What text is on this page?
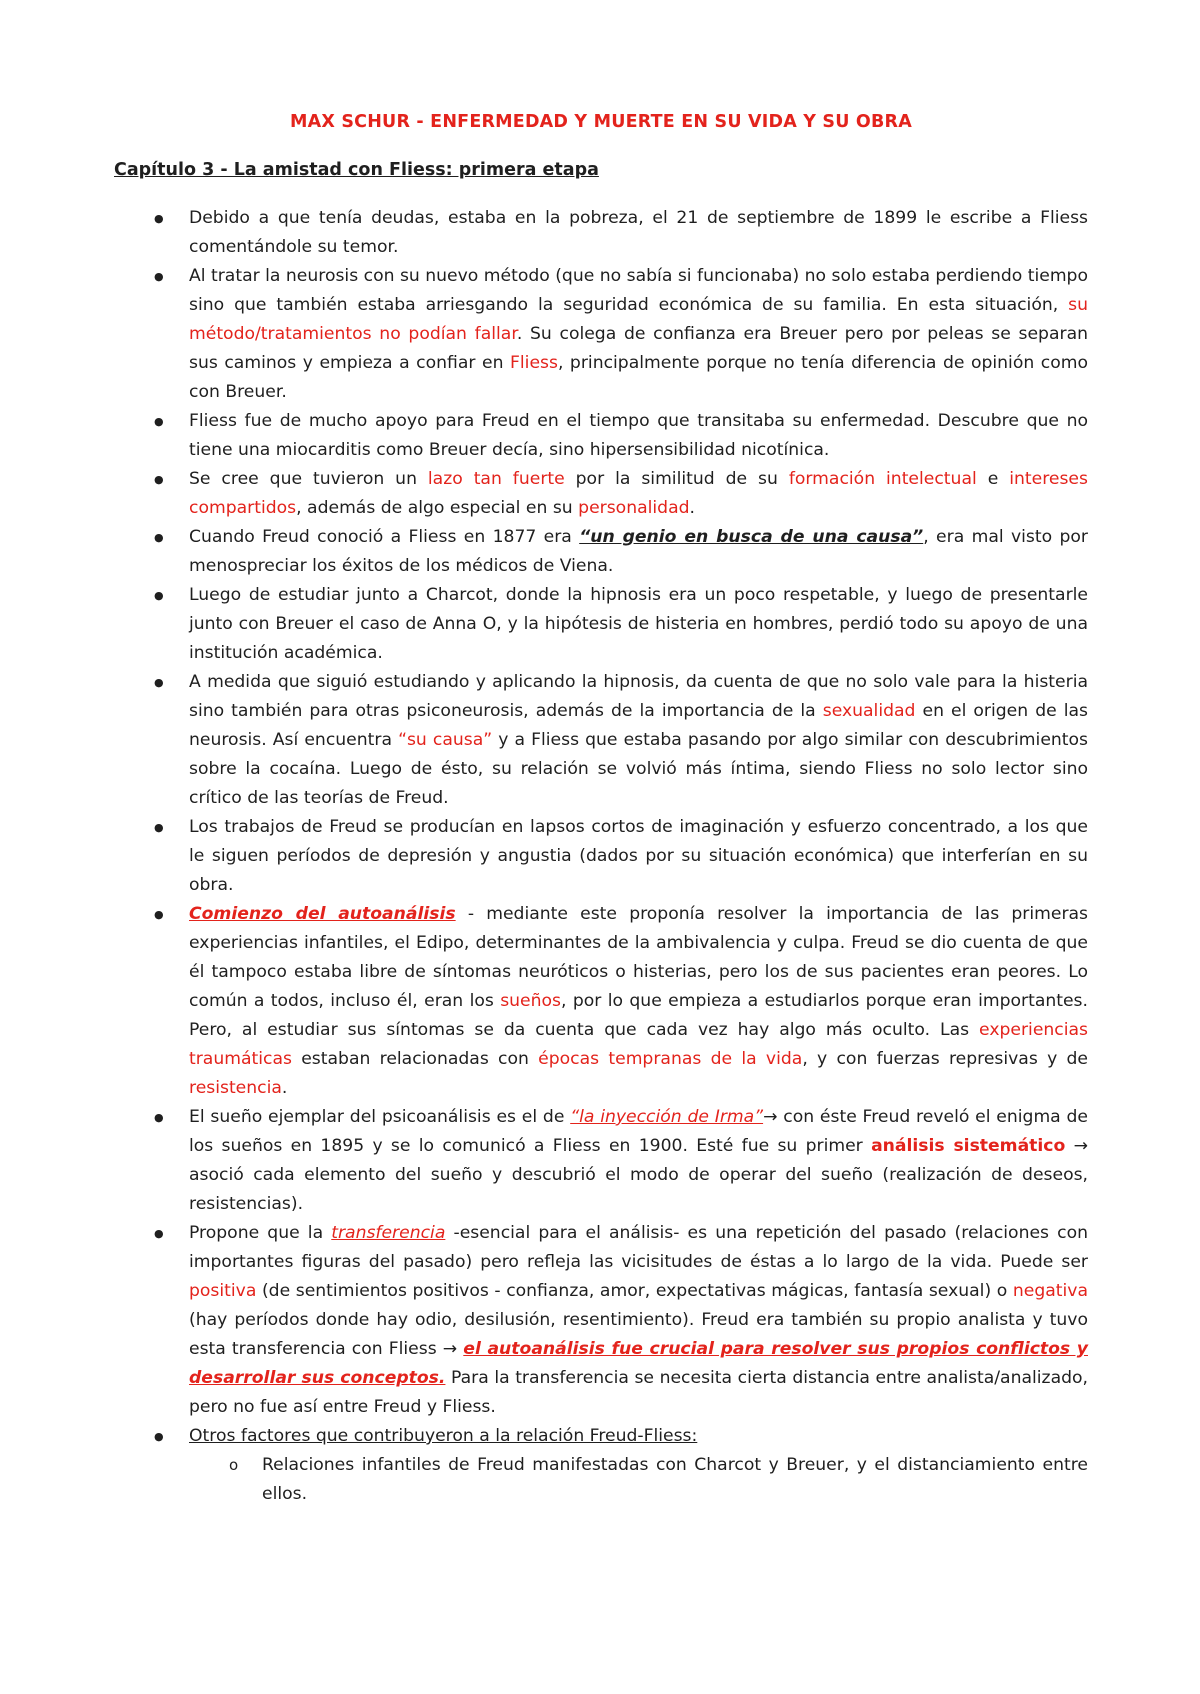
MAX SCHUR - ENFERMEDAD Y MUERTE EN SU VIDA Y SU OBRA
Capítulo 3 - La amistad con Fliess: primera etapa
● Debido a que tenía deudas, estaba en la pobreza, el 21 de septiembre de 1899 le escribe a Fliess comentándole su temor.
● Al tratar la neurosis con su nuevo método (que no sabía si funcionaba) no solo estaba perdiendo tiempo sino que también estaba arriesgando la seguridad económica de su familia. En esta situación, su método/tratamientos no podían fallar. Su colega de confianza era Breuer pero por peleas se separan sus caminos y empieza a confiar en Fliess, principalmente porque no tenía diferencia de opinión como con Breuer.
● Fliess fue de mucho apoyo para Freud en el tiempo que transitaba su enfermedad. Descubre que no tiene una miocarditis como Breuer decía, sino hipersensibilidad nicotínica.
● Se cree que tuvieron un lazo tan fuerte por la similitud de su formación intelectual e intereses compartidos, además de algo especial en su personalidad.
● Cuando Freud conoció a Fliess en 1877 era “un genio en busca de una causa”, era mal visto por menospreciar los éxitos de los médicos de Viena.
● Luego de estudiar junto a Charcot, donde la hipnosis era un poco respetable, y luego de presentarle junto con Breuer el caso de Anna O, y la hipótesis de histeria en hombres, perdió todo su apoyo de una institución académica.
● A medida que siguió estudiando y aplicando la hipnosis, da cuenta de que no solo vale para la histeria sino también para otras psiconeurosis, además de la importancia de la sexualidad en el origen de las neurosis. Así encuentra “su causa” y a Fliess que estaba pasando por algo similar con descubrimientos sobre la cocaína. Luego de ésto, su relación se volvió más íntima, siendo Fliess no solo lector sino crítico de las teorías de Freud.
● Los trabajos de Freud se producían en lapsos cortos de imaginación y esfuerzo concentrado, a los que le siguen períodos de depresión y angustia (dados por su situación económica) que interferían en su obra.
● Comienzo del autoanálisis - mediante este proponía resolver la importancia de las primeras experiencias infantiles, el Edipo, determinantes de la ambivalencia y culpa. Freud se dio cuenta de que él tampoco estaba libre de síntomas neuróticos o histerias, pero los de sus pacientes eran peores. Lo común a todos, incluso él, eran los sueños, por lo que empieza a estudiarlos porque eran importantes. Pero, al estudiar sus síntomas se da cuenta que cada vez hay algo más oculto. Las experiencias traumáticas estaban relacionadas con épocas tempranas de la vida, y con fuerzas represivas y de resistencia.
● El sueño ejemplar del psicoanálisis es el de “la inyección de Irma”→ con éste Freud reveló el enigma de los sueños en 1895 y se lo comunicó a Fliess en 1900. Esté fue su primer análisis sistemático → asoció cada elemento del sueño y descubrió el modo de operar del sueño (realización de deseos, resistencias).
● Propone que la transferencia -esencial para el análisis- es una repetición del pasado (relaciones con importantes figuras del pasado) pero refleja las vicisitudes de éstas a lo largo de la vida. Puede ser positiva (de sentimientos positivos - confianza, amor, expectativas mágicas, fantasía sexual) o negativa (hay períodos donde hay odio, desilusión, resentimiento). Freud era también su propio analista y tuvo esta transferencia con Fliess → el autoanálisis fue crucial para resolver sus propios conflictos y desarrollar sus conceptos. Para la transferencia se necesita cierta distancia entre analista/analizado, pero no fue así entre Freud y Fliess.
● Otros factores que contribuyeron a la relación Freud-Fliess:
o Relaciones infantiles de Freud manifestadas con Charcot y Breuer, y el distanciamiento entre ellos.
